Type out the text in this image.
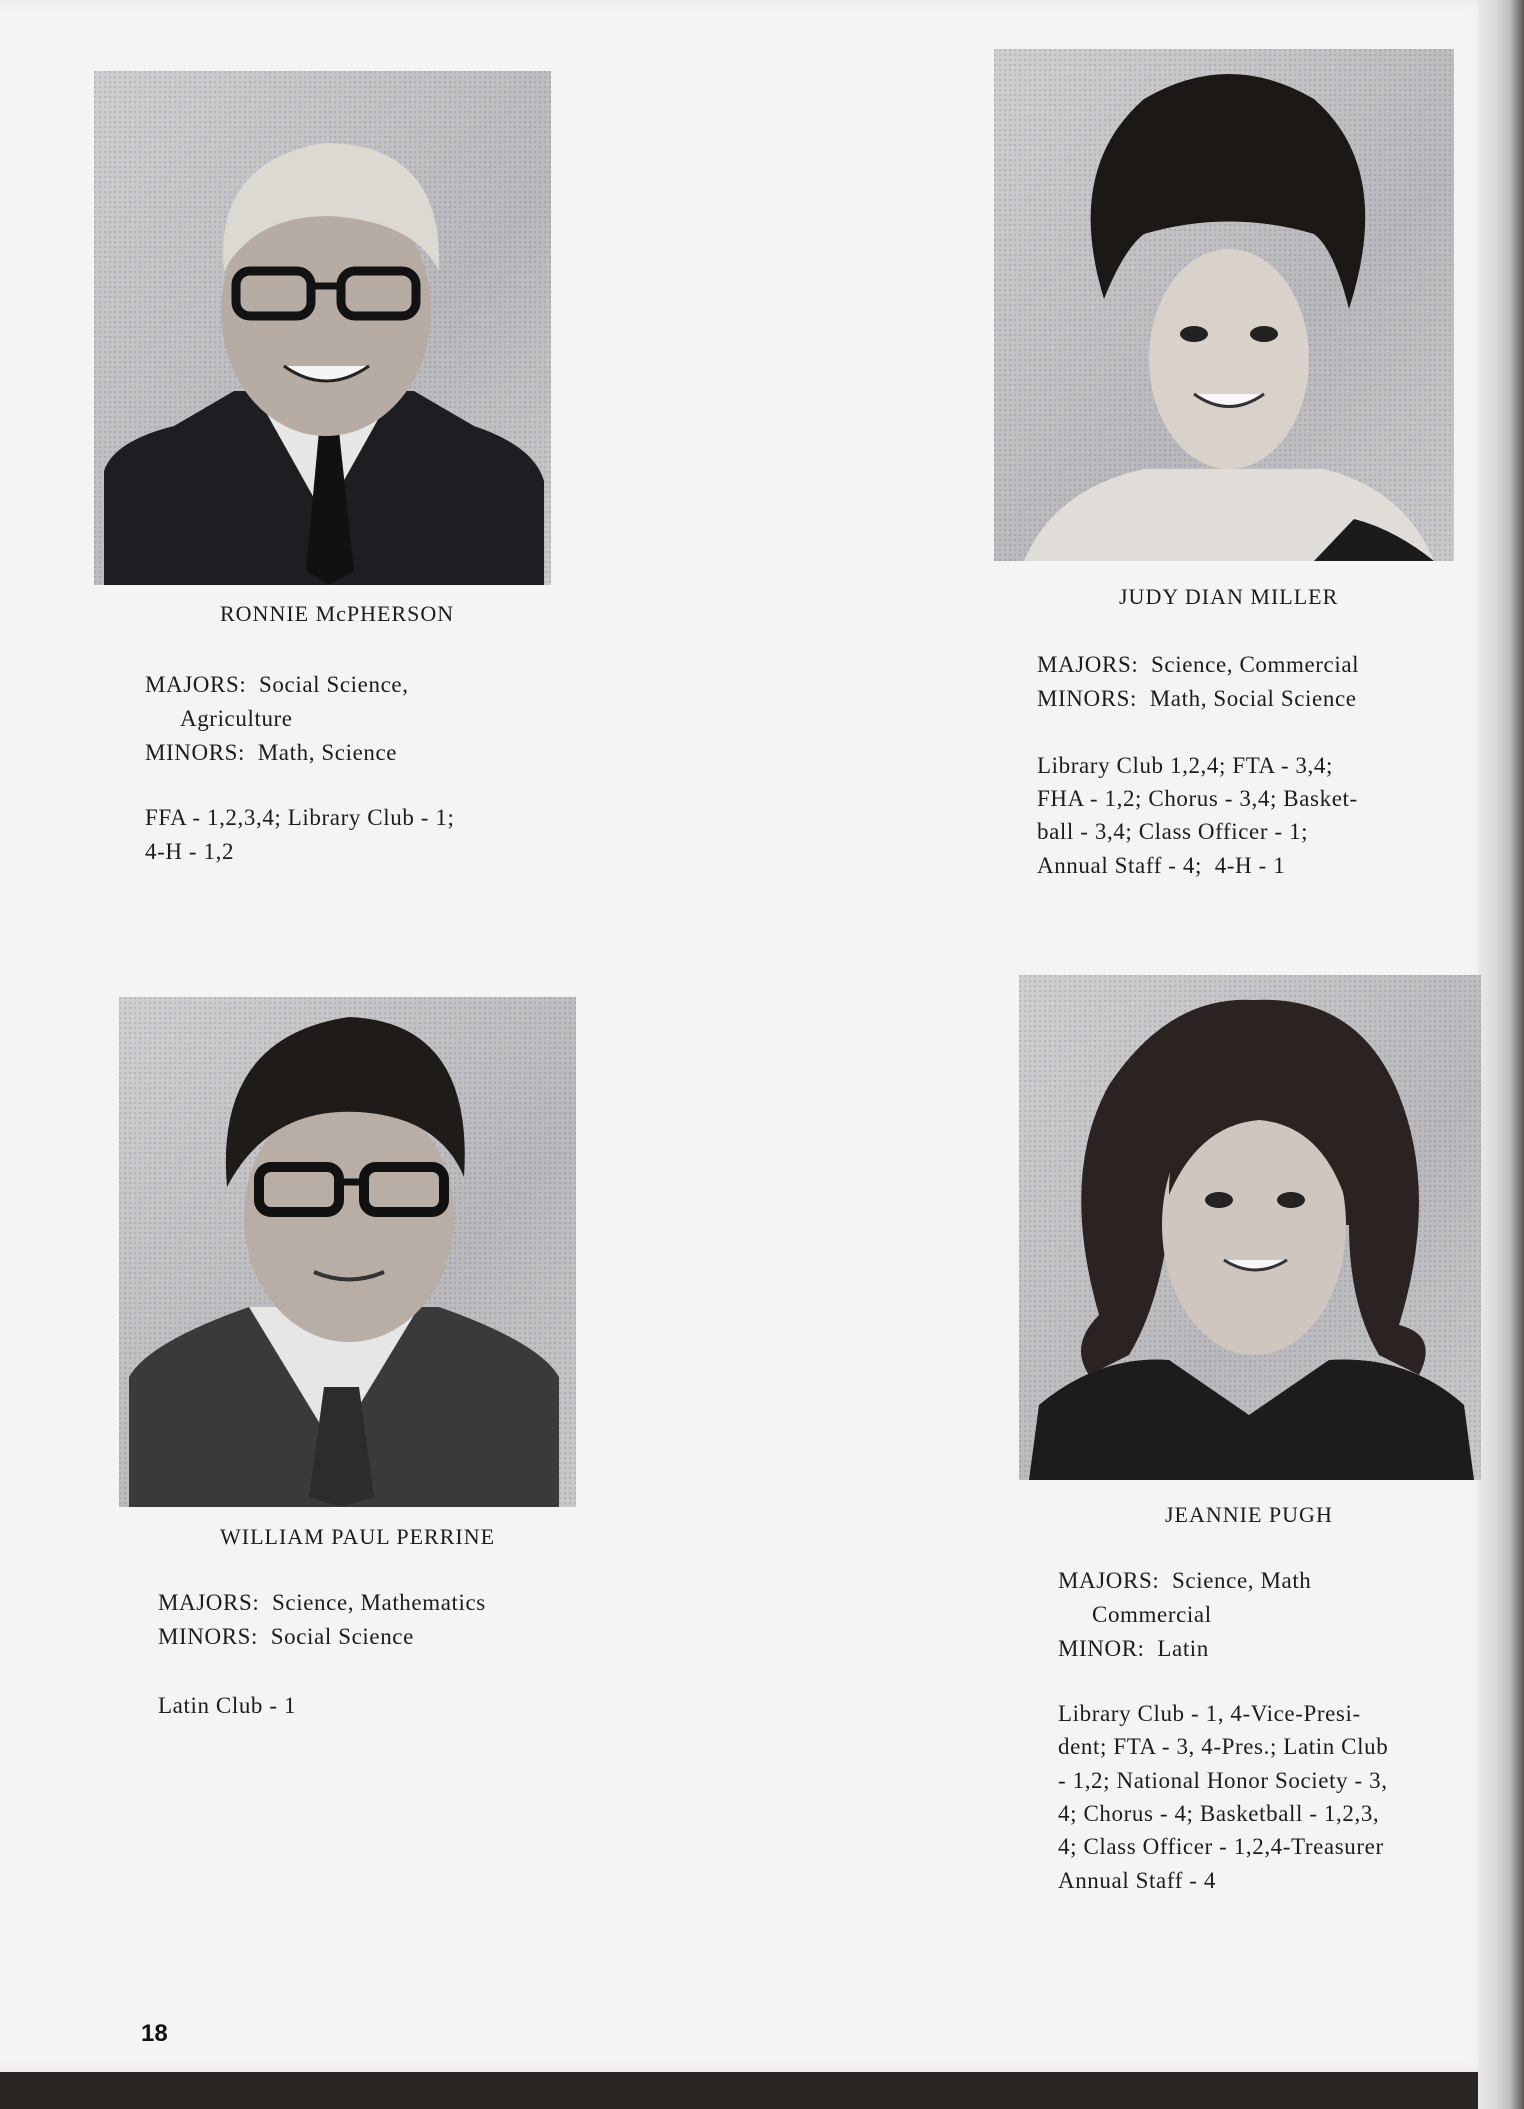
RONNIE McPHERSON
MAJORS:  Social Science,
Agriculture
MINORS:  Math, Science
FFA - 1,2,3,4; Library Club - 1;
4-H - 1,2
JUDY DIAN MILLER
MAJORS:  Science, Commercial
MINORS:  Math, Social Science
Library Club 1,2,4; FTA - 3,4;
FHA - 1,2; Chorus - 3,4; Basket-
ball - 3,4; Class Officer - 1;
Annual Staff - 4;  4-H - 1
WILLIAM PAUL PERRINE
MAJORS:  Science, Mathematics
MINORS:  Social Science
Latin Club - 1
JEANNIE PUGH
MAJORS:  Science, Math
Commercial
MINOR:  Latin
Library Club - 1, 4-Vice-Presi-
dent; FTA - 3, 4-Pres.; Latin Club
- 1,2; National Honor Society - 3,
4; Chorus - 4; Basketball - 1,2,3,
4; Class Officer - 1,2,4-Treasurer
Annual Staff - 4
18
